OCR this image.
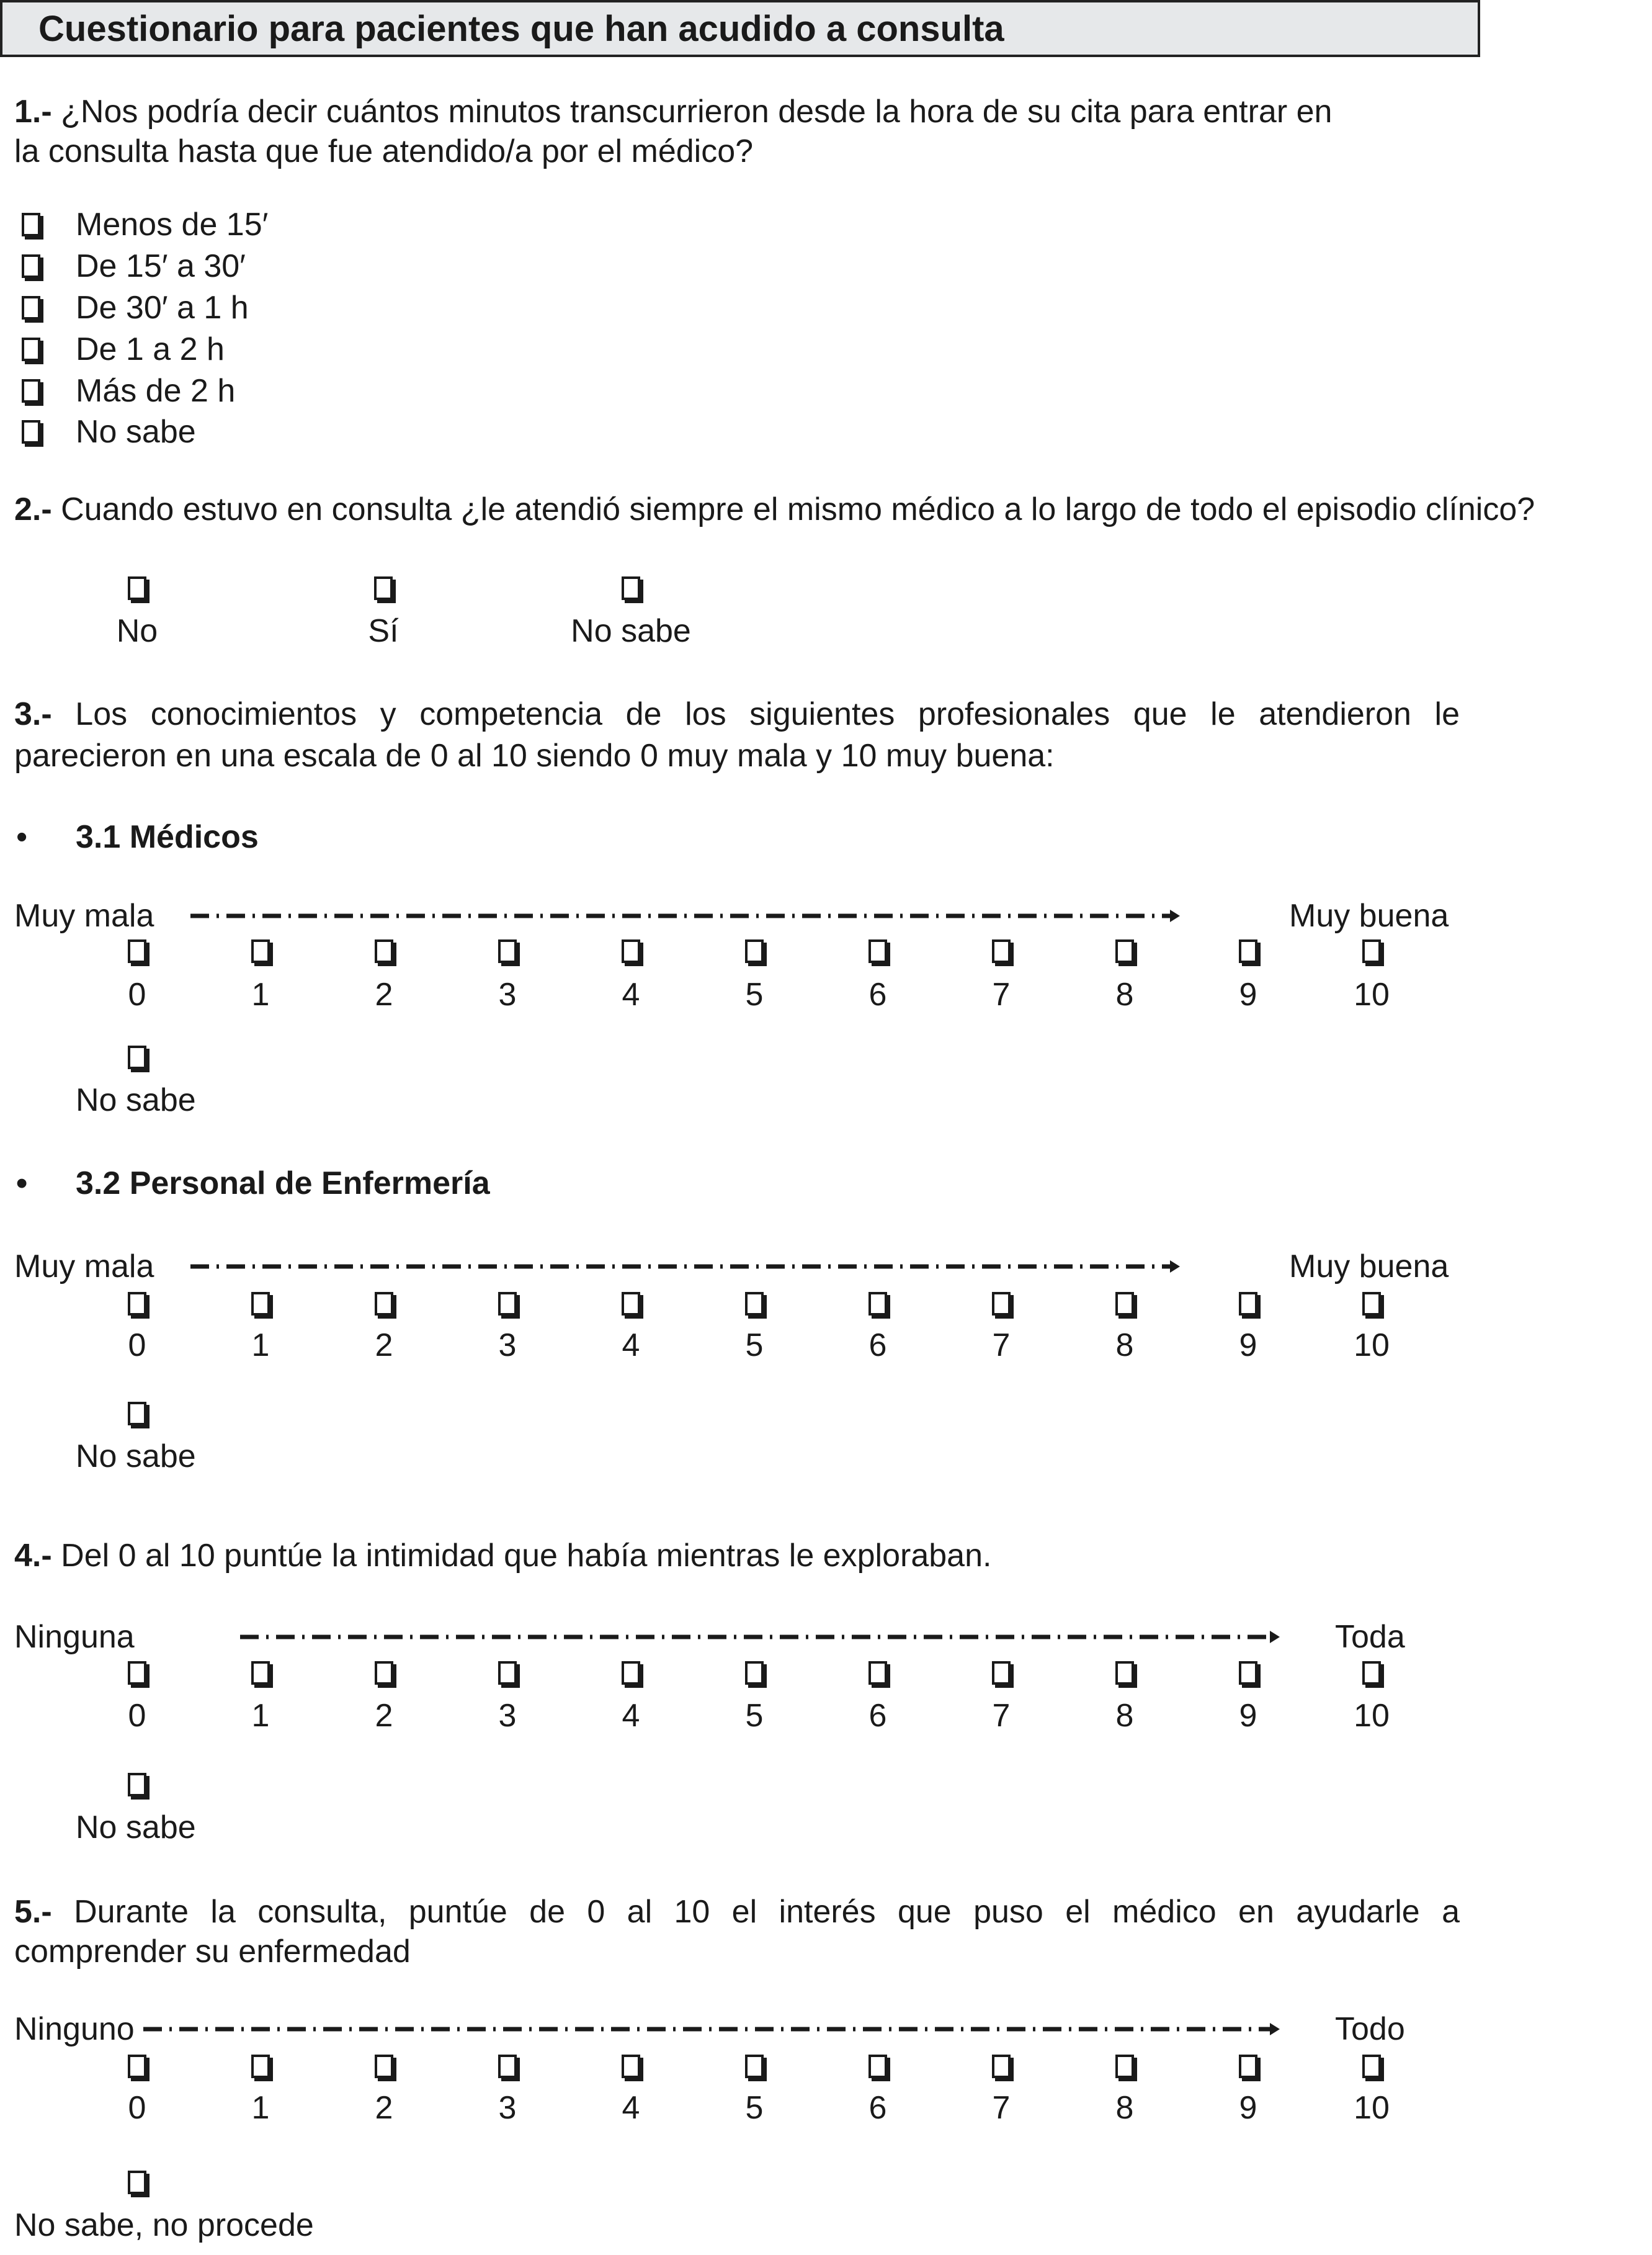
Cuestionario para pacientes que han acudido a consulta
1.- ¿Nos podría decir cuántos minutos transcurrieron desde la hora de su cita para entrar en
la consulta hasta que fue atendido/a por el médico?
2.- Cuando estuvo en consulta ¿le atendió siempre el mismo médico a lo largo de todo el episodio clínico?
3.- Los conocimientos y competencia de los siguientes profesionales que le atendieron le
parecieron en una escala de 0 al 10 siendo 0 muy mala y 10 muy buena:
• 3.1 Médicos
• 3.2 Personal de Enfermería
4.- Del 0 al 10 puntúe la intimidad que había mientras le exploraban.
5.- Durante la consulta, puntúe de 0 al 10 el interés que puso el médico en ayudarle a
comprender su enfermedad
Menos de 15′
De 15′ a 30′
De 30′ a 1 h
De 1 a 2 h
Más de 2 h
No sabe
No	Sí	No sabe
Muy mala	Muy buena
0	1	2	3	4	5	6	7	8	9	10
No sabe
Muy mala	Muy buena
0	1	2	3	4	5	6	7	8	9	10
No sabe
Ninguna	Toda
0	1	2	3	4	5	6	7	8	9	10
No sabe
Ninguno	Todo
0	1	2	3	4	5	6	7	8	9	10
No sabe, no procede
